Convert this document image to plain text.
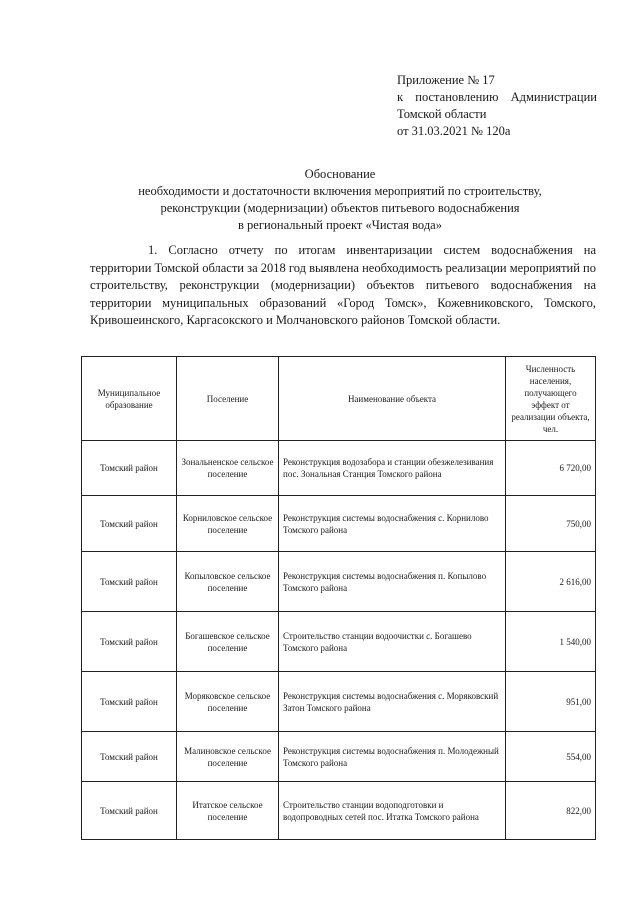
Приложение № 17
к постановлению Администрации
Томской области
от 31.03.2021 № 120а
Обоснование
необходимости и достаточности включения мероприятий по строительству,
реконструкции (модернизации) объектов питьевого водоснабжения
в региональный проект «Чистая вода»

1. Согласно отчету по итогам инвентаризации систем водоснабжения на территории Томской области за 2018 год выявлена необходимость реализации мероприятий по строительству, реконструкции (модернизации) объектов питьевого водоснабжения на территории муниципальных образований «Город Томск», Кожевниковского, Томского, Кривошеинского, Каргасокского и Молчановского районов Томской области.

Муниципальное образование	Поселение	Наименование объекта	Численность населения, получающего эффект от реализации объекта, чел.
Томский район	Зональненское сельское поселение	Реконструкция водозабора и станции обезжелезивания пос. Зональная Станция Томского района	6 720,00
Томский район	Корниловское сельское поселение	Реконструкция системы водоснабжения с. Корнилово Томского района	750,00
Томский район	Копыловское сельское поселение	Реконструкция системы водоснабжения п. Копылово Томского района	2 616,00
Томский район	Богашевское сельское поселение	Строительство станции водоочистки с. Богашево Томского района	1 540,00
Томский район	Моряковское сельское поселение	Реконструкция системы водоснабжения с. Моряковский Затон Томского района	951,00
Томский район	Малиновское сельское поселение	Реконструкция системы водоснабжения п. Молодежный Томского района	554,00
Томский район	Итатское сельское поселение	Строительство станции водоподготовки и водопроводных сетей пос. Итатка Томского района	822,00
